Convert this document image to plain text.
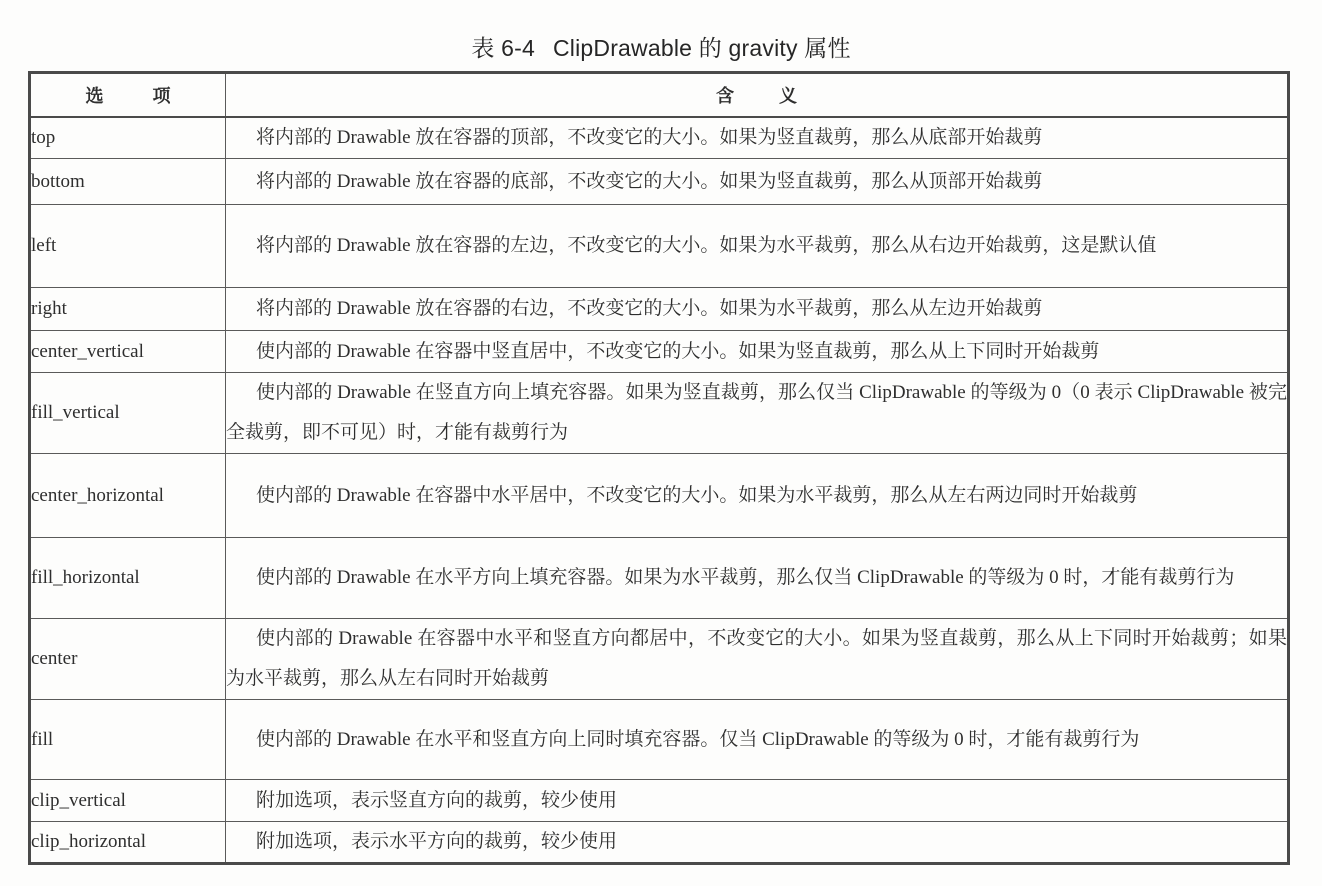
表 6-4 ClipDrawable 的 gravity 属性
选 项	含 义
top	将内部的 Drawable 放在容器的顶部，不改变它的大小。如果为竖直裁剪，那么从底部开始裁剪
bottom	将内部的 Drawable 放在容器的底部，不改变它的大小。如果为竖直裁剪，那么从顶部开始裁剪
left	将内部的 Drawable 放在容器的左边，不改变它的大小。如果为水平裁剪，那么从右边开始裁剪，这是默认值
right	将内部的 Drawable 放在容器的右边，不改变它的大小。如果为水平裁剪，那么从左边开始裁剪
center_vertical	使内部的 Drawable 在容器中竖直居中，不改变它的大小。如果为竖直裁剪，那么从上下同时开始裁剪
fill_vertical	使内部的 Drawable 在竖直方向上填充容器。如果为竖直裁剪，那么仅当 ClipDrawable 的等级为 0（0 表示 ClipDrawable 被完全裁剪，即不可见）时，才能有裁剪行为
center_horizontal	使内部的 Drawable 在容器中水平居中，不改变它的大小。如果为水平裁剪，那么从左右两边同时开始裁剪
fill_horizontal	使内部的 Drawable 在水平方向上填充容器。如果为水平裁剪，那么仅当 ClipDrawable 的等级为 0 时，才能有裁剪行为
center	使内部的 Drawable 在容器中水平和竖直方向都居中，不改变它的大小。如果为竖直裁剪，那么从上下同时开始裁剪；如果为水平裁剪，那么从左右同时开始裁剪
fill	使内部的 Drawable 在水平和竖直方向上同时填充容器。仅当 ClipDrawable 的等级为 0 时，才能有裁剪行为
clip_vertical	附加选项，表示竖直方向的裁剪，较少使用
clip_horizontal	附加选项，表示水平方向的裁剪，较少使用
